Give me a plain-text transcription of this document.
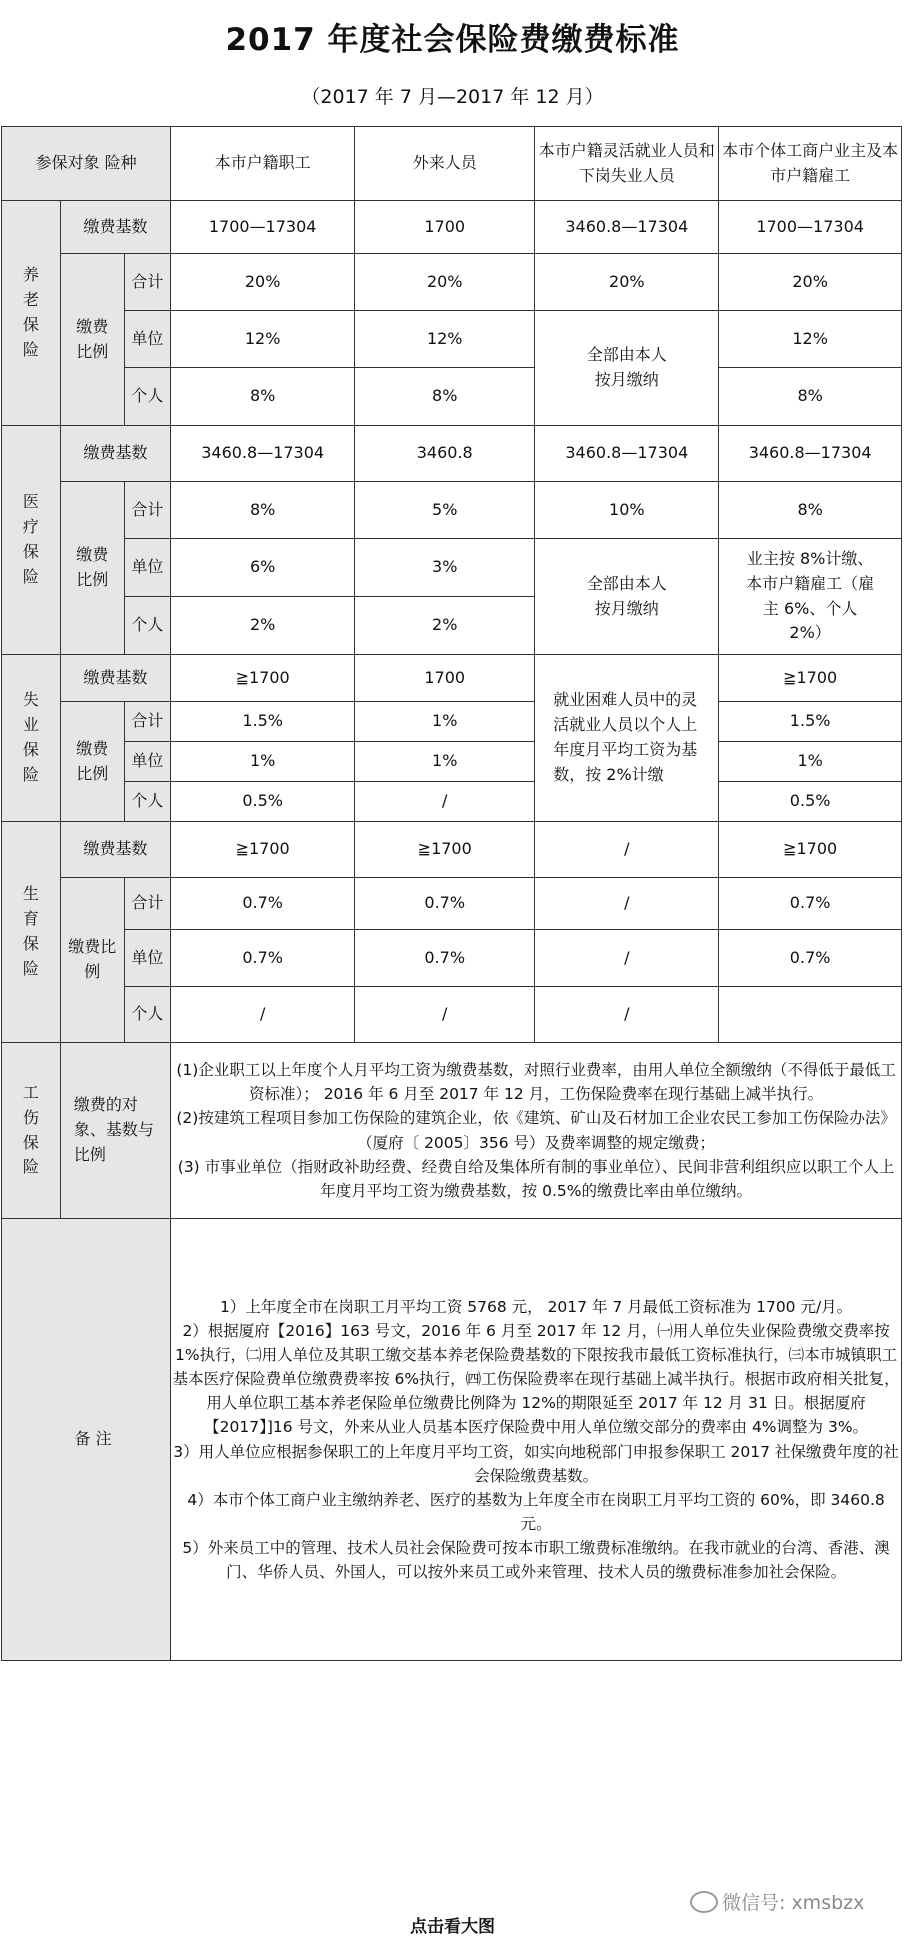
2017 年度社会保险费缴费标准
（2017 年 7 月—2017 年 12 月）
参保对象 险种			本市户籍职工	外来人员	本市户籍灵活就业人员和下岗失业人员	本市个体工商户业主及本市户籍雇工
养老保险	缴费基数		1700—17304	1700	3460.8—17304	1700—17304
	缴费比例	合计	20%	20%	20%	20%
		单位	12%	12%	全部由本人按月缴纳	12%
		个人	8%	8%		8%
医疗保险	缴费基数		3460.8—17304	3460.8	3460.8—17304	3460.8—17304
	缴费比例	合计	8%	5%	10%	8%
		单位	6%	3%	全部由本人按月缴纳	业主按 8%计缴、本市户籍雇工（雇主 6%、个人 2%）
		个人	2%	2%		
失业保险	缴费基数		≧1700	1700	就业困难人员中的灵活就业人员以个人上年度月平均工资为基数，按 2%计缴	≧1700
	缴费比例	合计	1.5%	1%		1.5%
		单位	1%	1%		1%
		个人	0.5%	/		0.5%
生育保险	缴费基数		≧1700	≧1700	/	≧1700
	缴费比例	合计	0.7%	0.7%	/	0.7%
		单位	0.7%	0.7%	/	0.7%
		个人	/	/	/	
工伤保险	缴费的对象、基数与比例		(1)企业职工以上年度个人月平均工资为缴费基数，对照行业费率，由用人单位全额缴纳（不得低于最低工资标准）； 2016 年 6 月至 2017 年 12 月，工伤保险费率在现行基础上减半执行。
(2)按建筑工程项目参加工伤保险的建筑企业，依《建筑、矿山及石材加工企业农民工参加工伤保险办法》（厦府〔 2005〕356 号）及费率调整的规定缴费；
(3) 市事业单位（指财政补助经费、经费自给及集体所有制的事业单位）、民间非营利组织应以职工个人上年度月平均工资为缴费基数，按 0.5%的缴费比率由单位缴纳。			

备 注			1）上年度全市在岗职工月平均工资 5768 元， 2017 年 7 月最低工资标准为 1700 元/月。
2）根据厦府【2016】163 号文，2016 年 6 月至 2017 年 12 月，㈠用人单位失业保险费缴交费率按 1%执行，㈡用人单位及其职工缴交基本养老保险费基数的下限按我市最低工资标准执行，㈢本市城镇职工基本医疗保险费单位缴费费率按 6%执行，㈣工伤保险费率在现行基础上减半执行。根据市政府相关批复，用人单位职工基本养老保险单位缴费比例降为 12%的期限延至 2017 年 12 月 31 日。根据厦府【2017】]16 号文，外来从业人员基本医疗保险费中用人单位缴交部分的费率由 4%调整为 3%。
3）用人单位应根据参保职工的上年度月平均工资，如实向地税部门申报参保职工 2017 社保缴费年度的社会保险缴费基数。
4）本市个体工商户业主缴纳养老、医疗的基数为上年度全市在岗职工月平均工资的 60%，即 3460.8 元。
5）外来员工中的管理、技术人员社会保险费可按本市职工缴费标准缴纳。在我市就业的台湾、香港、澳门、华侨人员、外国人，可以按外来员工或外来管理、技术人员的缴费标准参加社会保险。			
微信号: xmsbzx
点击看大图
